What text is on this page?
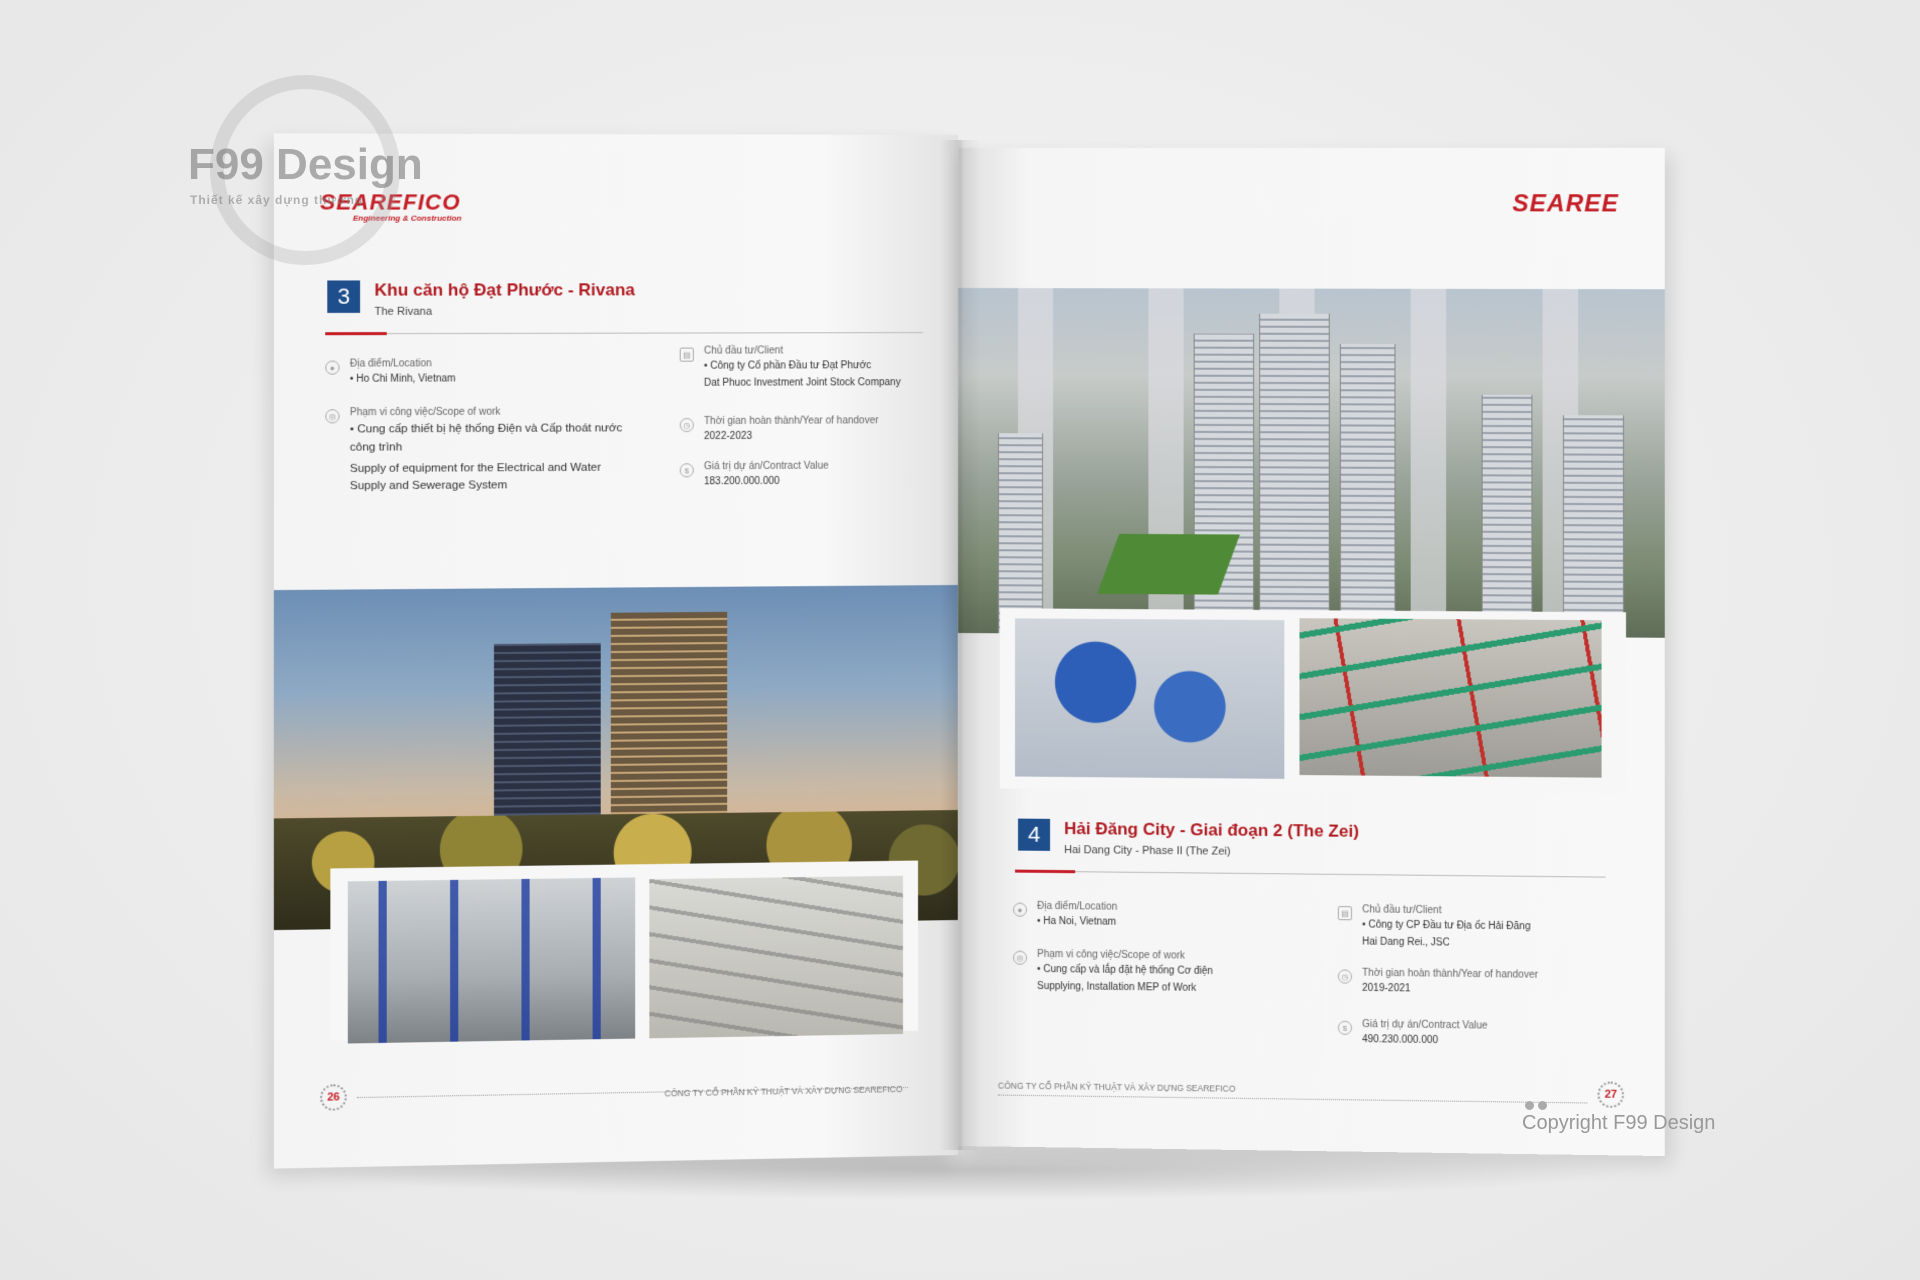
SEAREFICO
Engineering & Construction
3	Khu căn hộ Đạt Phước - Rivana
The Rivana
●	Địa điểm/Location
• Ho Chi Minh, Vietnam
◎	Phạm vi công việc/Scope of work
• Cung cấp thiết bị hệ thống Điện và Cấp thoát nước công trình
Supply of equipment for the Electrical and Water Supply and Sewerage System
▤	Chủ đầu tư/Client
• Công ty Cổ phần Đầu tư Đạt Phước
Dat Phuoc Investment Joint Stock Company
◷	Thời gian hoàn thành/Year of handover
2022-2023
$	Giá trị dự án/Contract Value
183.200.000.000
26	CÔNG TY CỔ PHẦN KỸ THUẬT VÀ XÂY DỰNG SEAREFICO
SEAREE
4	Hải Đăng City - Giai đoạn 2 (The Zei)
Hai Dang City - Phase II (The Zei)
●	Địa điểm/Location
• Ha Noi, Vietnam
◎	Phạm vi công việc/Scope of work
• Cung cấp và lắp đặt hệ thống Cơ điện
Supplying, Installation MEP of Work
▤	Chủ đầu tư/Client
• Công ty CP Đầu tư Địa ốc Hải Đăng
Hai Dang Rei., JSC
◷	Thời gian hoàn thành/Year of handover
2019-2021
$	Giá trị dự án/Contract Value
490.230.000.000
CÔNG TY CỔ PHẦN KỸ THUẬT VÀ XÂY DỰNG SEAREFICO
27
F99 Design
Thiết kế xây dựng thương
Copyright F99 Design
